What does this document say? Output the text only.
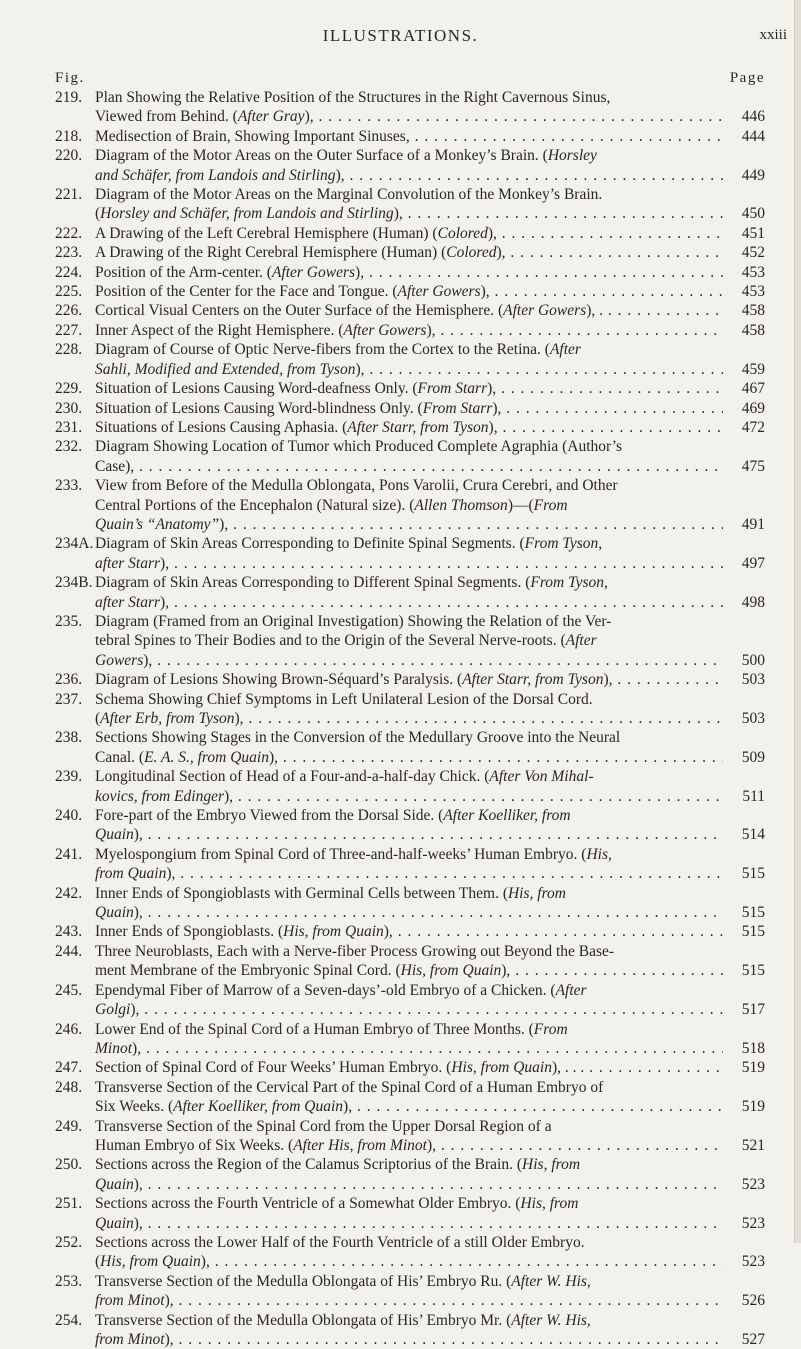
ILLUSTRATIONS.	xxiii
Fig.	Page
219. Plan Showing the Relative Position of the Structures in the Right Cavernous Sinus,
Viewed from Behind. (After Gray), . . .	446
218. Medisection of Brain, Showing Important Sinuses, . . .	444
220. Diagram of the Motor Areas on the Outer Surface of a Monkey’s Brain. (Horsley
and Schäfer, from Landois and Stirling), . . .	449
221. Diagram of the Motor Areas on the Marginal Convolution of the Monkey’s Brain.
(Horsley and Schäfer, from Landois and Stirling), . . .	450
222. A Drawing of the Left Cerebral Hemisphere (Human) (Colored), . . .	451
223. A Drawing of the Right Cerebral Hemisphere (Human) (Colored), . . .	452
224. Position of the Arm-center. (After Gowers), . . .	453
225. Position of the Center for the Face and Tongue. (After Gowers), . . .	453
226. Cortical Visual Centers on the Outer Surface of the Hemisphere. (After Gowers), . . . .	458
227. Inner Aspect of the Right Hemisphere. (After Gowers), . . .	458
228. Diagram of Course of Optic Nerve-fibers from the Cortex to the Retina. (After
Sahli, Modified and Extended, from Tyson), . . .	459
229. Situation of Lesions Causing Word-deafness Only. (From Starr), . . .	467
230. Situation of Lesions Causing Word-blindness Only. (From Starr), . . .	469
231. Situations of Lesions Causing Aphasia. (After Starr, from Tyson), . . .	472
232. Diagram Showing Location of Tumor which Produced Complete Agraphia (Author’s
Case), . . .	475
233. View from Before of the Medulla Oblongata, Pons Varolii, Crura Cerebri, and Other
Central Portions of the Encephalon (Natural size). (Allen Thomson)—(From
Quain’s “Anatomy”), . . .	491
234A. Diagram of Skin Areas Corresponding to Definite Spinal Segments. (From Tyson,
after Starr), . . .	497
234B. Diagram of Skin Areas Corresponding to Different Spinal Segments. (From Tyson,
after Starr), . . .	498
235. Diagram (Framed from an Original Investigation) Showing the Relation of the Ver-
tebral Spines to Their Bodies and to the Origin of the Several Nerve-roots. (After
Gowers), . . .	500
236. Diagram of Lesions Showing Brown-Séquard’s Paralysis. (After Starr, from Tyson), . . .	503
237. Schema Showing Chief Symptoms in Left Unilateral Lesion of the Dorsal Cord.
(After Erb, from Tyson), . . .	503
238. Sections Showing Stages in the Conversion of the Medullary Groove into the Neural
Canal. (E. A. S., from Quain), . . .	509
239. Longitudinal Section of Head of a Four-and-a-half-day Chick. (After Von Mihal-
kovics, from Edinger), . . .	511
240. Fore-part of the Embryo Viewed from the Dorsal Side. (After Koelliker, from
Quain), . . .	514
241. Myelospongium from Spinal Cord of Three-and-half-weeks’ Human Embryo. (His,
from Quain), . . .	515
242. Inner Ends of Spongioblasts with Germinal Cells between Them. (His, from
Quain), . . .	515
243. Inner Ends of Spongioblasts. (His, from Quain), . . .	515
244. Three Neuroblasts, Each with a Nerve-fiber Process Growing out Beyond the Base-
ment Membrane of the Embryonic Spinal Cord. (His, from Quain), . . .	515
245. Ependymal Fiber of Marrow of a Seven-days’-old Embryo of a Chicken. (After
Golgi), . . .	517
246. Lower End of the Spinal Cord of a Human Embryo of Three Months. (From
Minot), . . .	518
247. Section of Spinal Cord of Four Weeks’ Human Embryo. (His, from Quain), . . . . . .	519
248. Transverse Section of the Cervical Part of the Spinal Cord of a Human Embryo of
Six Weeks. (After Koelliker, from Quain), . . .	519
249. Transverse Section of the Spinal Cord from the Upper Dorsal Region of a
Human Embryo of Six Weeks. (After His, from Minot), . . .	521
250. Sections across the Region of the Calamus Scriptorius of the Brain. (His, from
Quain), . . .	523
251. Sections across the Fourth Ventricle of a Somewhat Older Embryo. (His, from
Quain), . . .	523
252. Sections across the Lower Half of the Fourth Ventricle of a still Older Embryo.
(His, from Quain), . . .	523
253. Transverse Section of the Medulla Oblongata of His’ Embryo Ru. (After W. His,
from Minot), . . .	526
254. Transverse Section of the Medulla Oblongata of His’ Embryo Mr. (After W. His,
from Minot), . . .	527
